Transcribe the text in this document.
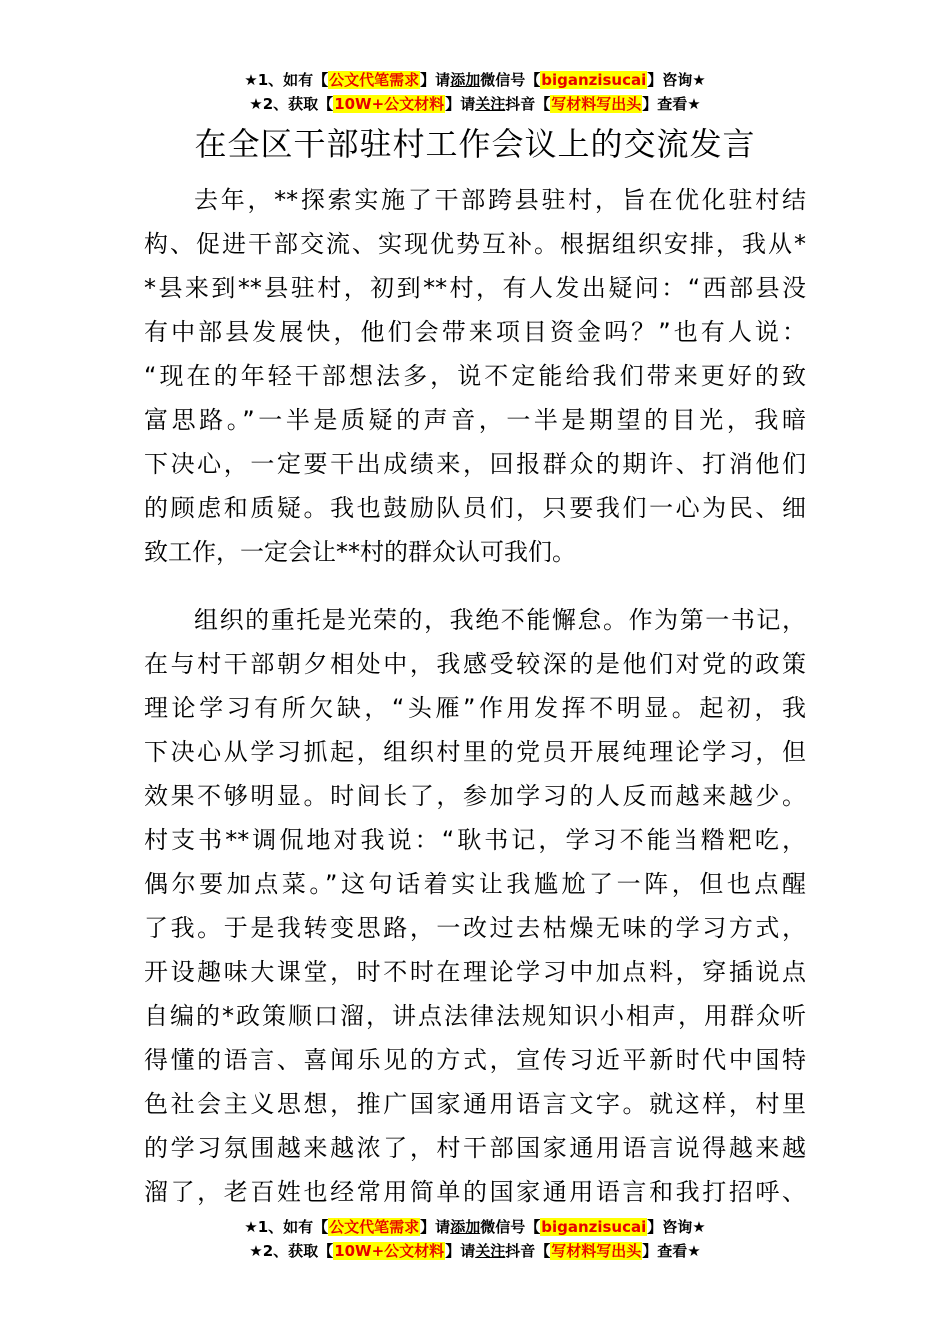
★1、如有【公文代笔需求】请添加微信号【biganzisucai】咨询★
★2、获取【10W+公文材料】请关注抖音【写材料写出头】查看★
在全区干部驻村工作会议上的交流发言
去年，**探索实施了干部跨县驻村，旨在优化驻村结
构、促进干部交流、实现优势互补。根据组织安排，我从*
*县来到**县驻村，初到**村，有人发出疑问：“西部县没
有中部县发展快，他们会带来项目资金吗？”也有人说：
“现在的年轻干部想法多，说不定能给我们带来更好的致
富思路。”一半是质疑的声音，一半是期望的目光，我暗
下决心，一定要干出成绩来，回报群众的期许、打消他们
的顾虑和质疑。我也鼓励队员们，只要我们一心为民、细
致工作，一定会让**村的群众认可我们。
组织的重托是光荣的，我绝不能懈怠。作为第一书记，
在与村干部朝夕相处中，我感受较深的是他们对党的政策
理论学习有所欠缺，“头雁”作用发挥不明显。起初，我
下决心从学习抓起，组织村里的党员开展纯理论学习，但
效果不够明显。时间长了，参加学习的人反而越来越少。
村支书**调侃地对我说：“耿书记，学习不能当糌粑吃，
偶尔要加点菜。”这句话着实让我尴尬了一阵，但也点醒
了我。于是我转变思路，一改过去枯燥无味的学习方式，
开设趣味大课堂，时不时在理论学习中加点料，穿插说点
自编的*政策顺口溜，讲点法律法规知识小相声，用群众听
得懂的语言、喜闻乐见的方式，宣传习近平新时代中国特
色社会主义思想，推广国家通用语言文字。就这样，村里
的学习氛围越来越浓了，村干部国家通用语言说得越来越
溜了，老百姓也经常用简单的国家通用语言和我打招呼、
★1、如有【公文代笔需求】请添加微信号【biganzisucai】咨询★
★2、获取【10W+公文材料】请关注抖音【写材料写出头】查看★
